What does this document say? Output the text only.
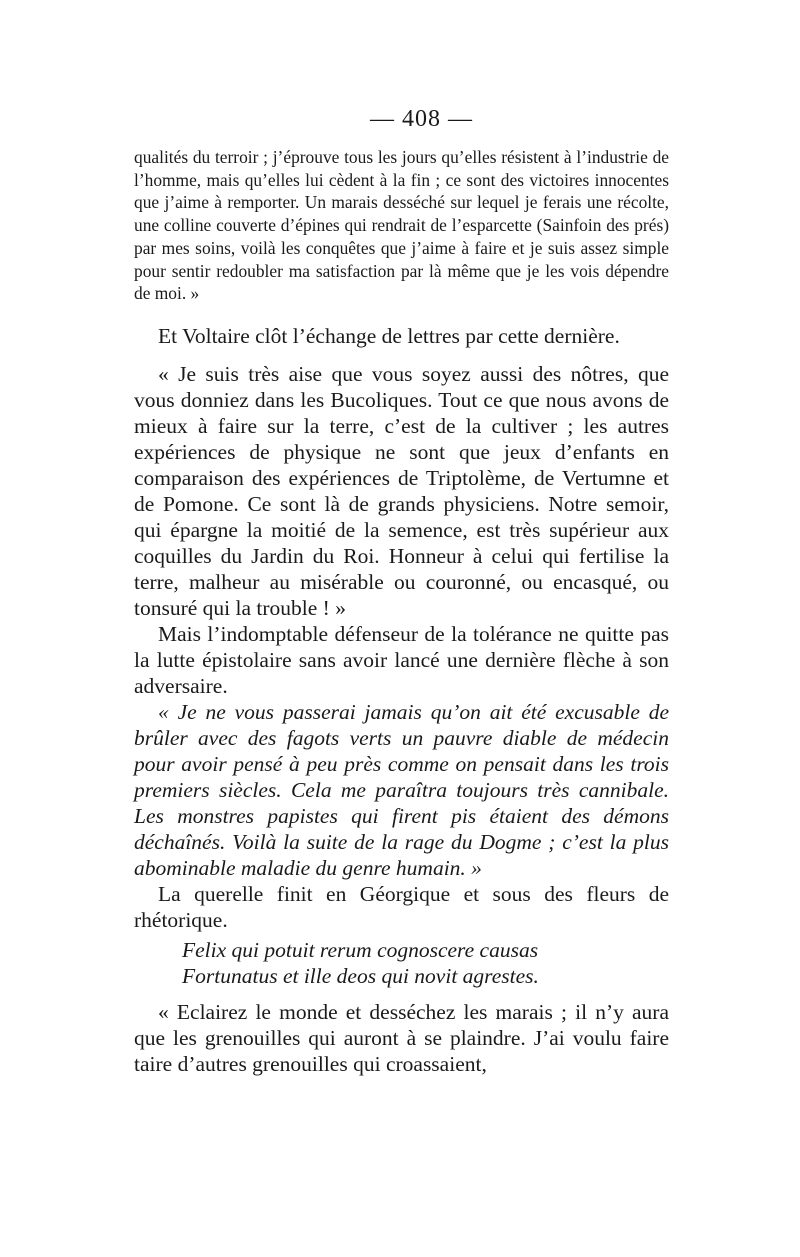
— 408 —

qualités du terroir ; j’éprouve tous les jours qu’elles résistent à l’industrie de l’homme, mais qu’elles lui cèdent à la fin ; ce sont des victoires innocentes que j’aime à remporter. Un marais desséché sur lequel je ferais une récolte, une colline couverte d’épines qui rendrait de l’esparcette (Sainfoin des prés) par mes soins, voilà les conquêtes que j’aime à faire et je suis assez simple pour sentir redoubler ma satisfaction par là même que je les vois dépendre de moi. »

Et Voltaire clôt l’échange de lettres par cette dernière.

« Je suis très aise que vous soyez aussi des nôtres, que vous donniez dans les Bucoliques. Tout ce que nous avons de mieux à faire sur la terre, c’est de la cultiver ; les autres expériences de physique ne sont que jeux d’enfants en comparaison des expériences de Triptolème, de Vertumne et de Pomone. Ce sont là de grands physiciens. Notre semoir, qui épargne la moitié de la semence, est très supérieur aux coquilles du Jardin du Roi. Honneur à celui qui fertilise la terre, malheur au misérable ou couronné, ou encasqué, ou tonsuré qui la trouble ! »

Mais l’indomptable défenseur de la tolérance ne quitte pas la lutte épistolaire sans avoir lancé une dernière flèche à son adversaire.

« Je ne vous passerai jamais qu’on ait été excusable de brûler avec des fagots verts un pauvre diable de médecin pour avoir pensé à peu près comme on pensait dans les trois premiers siècles. Cela me paraîtra toujours très cannibale. Les monstres papistes qui firent pis étaient des démons déchaînés. Voilà la suite de la rage du Dogme ; c’est la plus abominable maladie du genre humain. »

La querelle finit en Géorgique et sous des fleurs de rhétorique.

Felix qui potuit rerum cognoscere causas
Fortunatus et ille deos qui novit agrestes.

« Eclairez le monde et desséchez les marais ; il n’y aura que les grenouilles qui auront à se plaindre. J’ai voulu faire taire d’autres grenouilles qui croassaient,
